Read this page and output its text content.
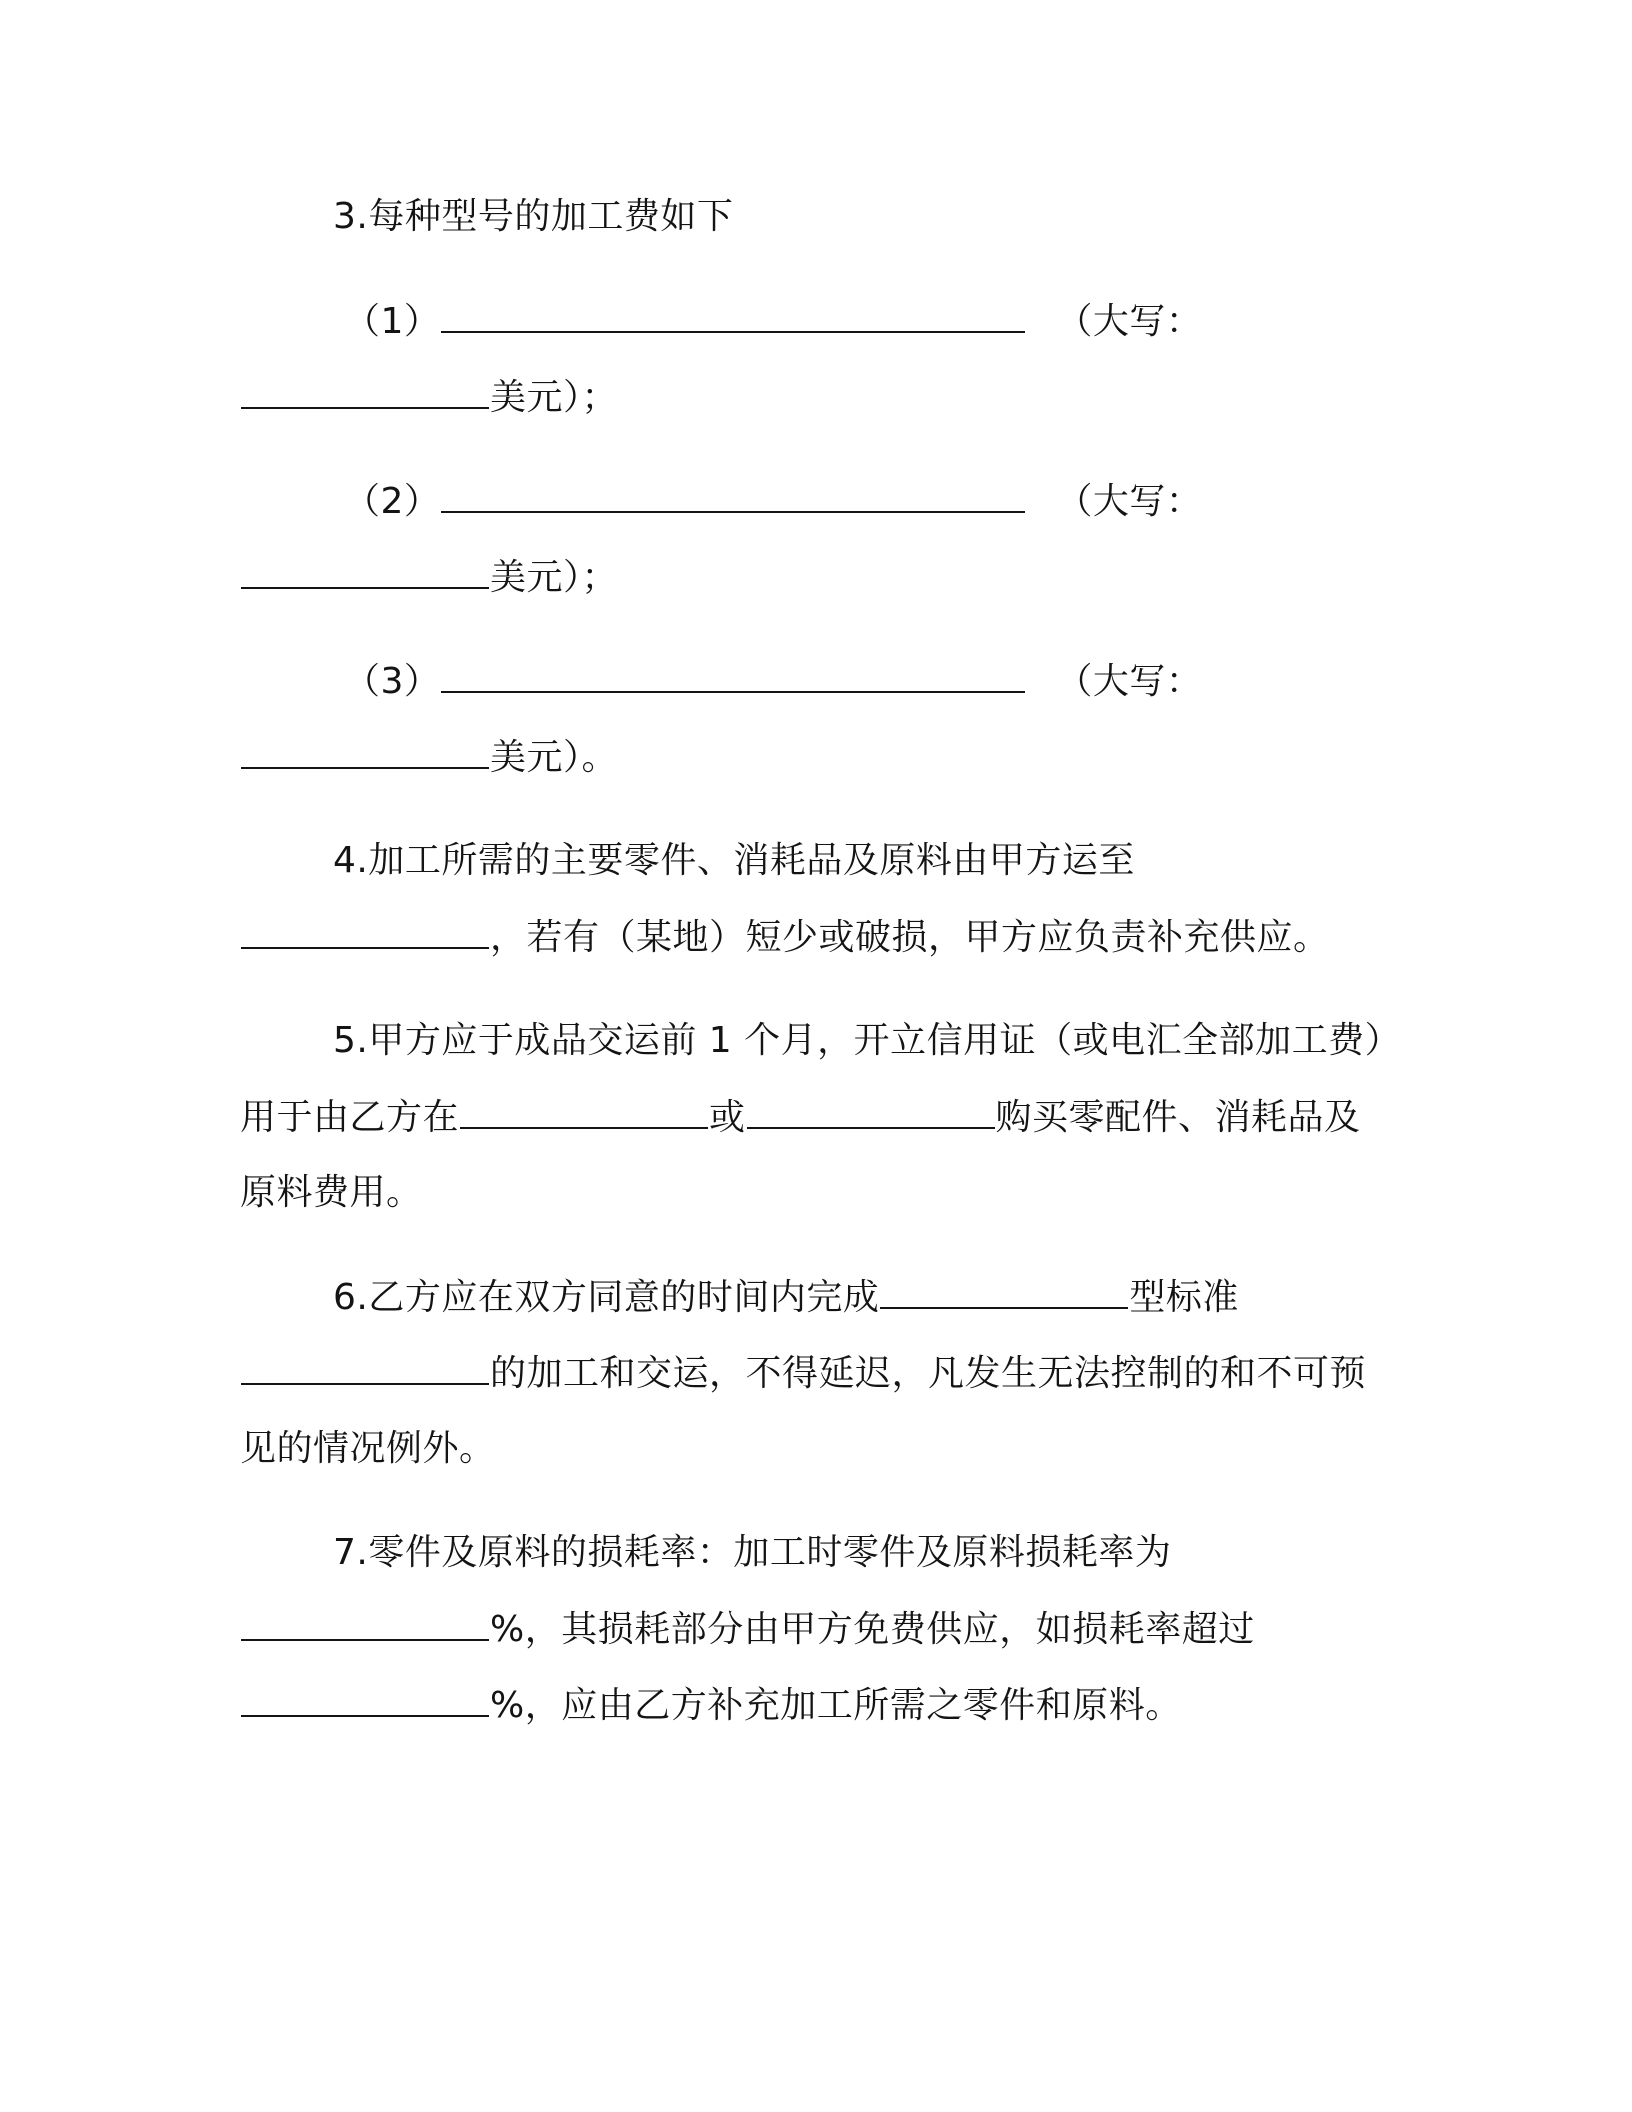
3.每种型号的加工费如下
（1）	（大写：
美元）；
（2）	（大写：
美元）；
（3）	（大写：
美元）。
4.加工所需的主要零件、消耗品及原料由甲方运至
，若有（某地）短少或破损，甲方应负责补充供应。
5.甲方应于成品交运前 1 个月，开立信用证（或电汇全部加工费）
用于由乙方在	或	购买零配件、消耗品及
原料费用。
6.乙方应在双方同意的时间内完成	型标准
的加工和交运，不得延迟，凡发生无法控制的和不可预
见的情况例外。
7.零件及原料的损耗率：加工时零件及原料损耗率为
%，其损耗部分由甲方免费供应，如损耗率超过
%，应由乙方补充加工所需之零件和原料。
